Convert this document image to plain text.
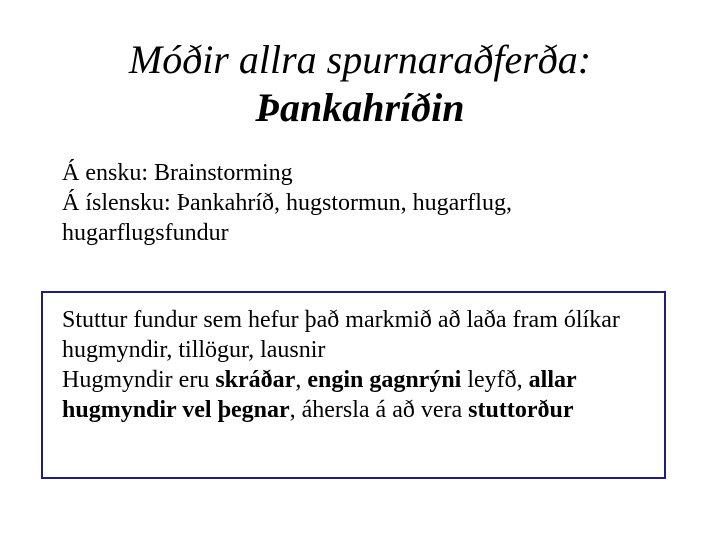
Móðir allra spurnaraðferða:
Þankahríðin

Á ensku: Brainstorming

Á íslensku: Þankahríð, hugstormun, hugarflug, hugarflugsfundur

Stuttur fundur sem hefur það markmið að laða fram ólíkar hugmyndir, tillögur, lausnir

Hugmyndir eru skráðar, engin gagnrýni leyfð, allar hugmyndir vel þegnar, áhersla á að vera stuttorður
